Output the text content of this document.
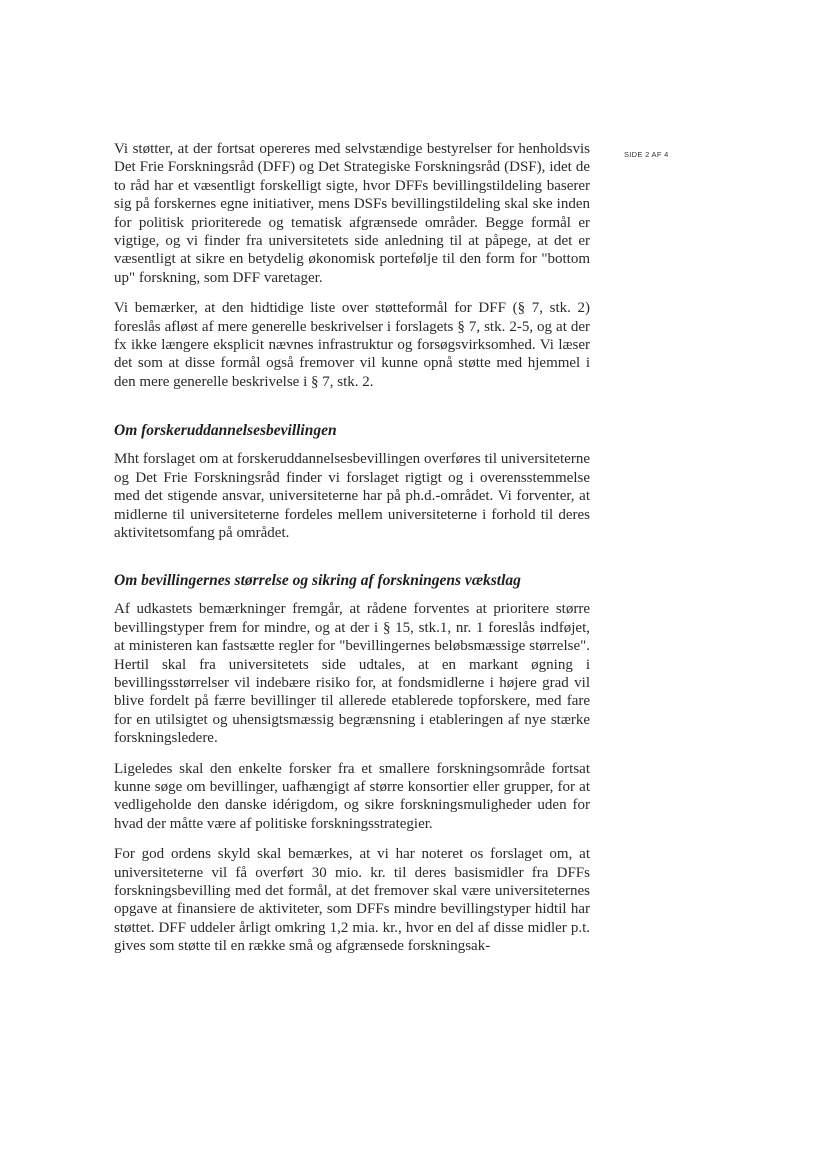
SIDE 2 AF 4

Vi støtter, at der fortsat opereres med selvstændige bestyrelser for henholdsvis Det Frie Forskningsråd (DFF) og Det Strategiske Forskningsråd (DSF), idet de to råd har et væsentligt forskelligt sigte, hvor DFFs bevillingstildeling baserer sig på forskernes egne initiativer, mens DSFs bevillingstildeling skal ske inden for politisk prioriterede og tematisk afgrænsede områder. Begge formål er vigtige, og vi finder fra universitetets side anledning til at påpege, at det er væsentligt at sikre en betydelig økonomisk portefølje til den form for "bottom up" forskning, som DFF varetager.

Vi bemærker, at den hidtidige liste over støtteformål for DFF (§ 7, stk. 2) foreslås afløst af mere generelle beskrivelser i forslagets § 7, stk. 2-5, og at der fx ikke længere eksplicit nævnes infrastruktur og forsøgsvirksomhed. Vi læser det som at disse formål også fremover vil kunne opnå støtte med hjemmel i den mere generelle beskrivelse i § 7, stk. 2.

Om forskeruddannelsesbevillingen

Mht forslaget om at forskeruddannelsesbevillingen overføres til universiteterne og Det Frie Forskningsråd finder vi forslaget rigtigt og i overensstemmelse med det stigende ansvar, universiteterne har på ph.d.-området. Vi forventer, at midlerne til universiteterne fordeles mellem universiteterne i forhold til deres aktivitetsomfang på området.

Om bevillingernes størrelse og sikring af forskningens vækstlag

Af udkastets bemærkninger fremgår, at rådene forventes at prioritere større bevillingstyper frem for mindre, og at der i § 15, stk.1, nr. 1 foreslås indføjet, at ministeren kan fastsætte regler for "bevillingernes beløbsmæssige størrelse". Hertil skal fra universitetets side udtales, at en markant øgning i bevillingsstørrelser vil indebære risiko for, at fondsmidlerne i højere grad vil blive fordelt på færre bevillinger til allerede etablerede topforskere, med fare for en utilsigtet og uhensigtsmæssig begrænsning i etableringen af nye stærke forskningsledere.

Ligeledes skal den enkelte forsker fra et smallere forskningsområde fortsat kunne søge om bevillinger, uafhængigt af større konsortier eller grupper, for at vedligeholde den danske idérigdom, og sikre forskningsmuligheder uden for hvad der måtte være af politiske forskningsstrategier.

For god ordens skyld skal bemærkes, at vi har noteret os forslaget om, at universiteterne vil få overført 30 mio. kr. til deres basismidler fra DFFs forskningsbevilling med det formål, at det fremover skal være universiteternes opgave at finansiere de aktiviteter, som DFFs mindre bevillingstyper hidtil har støttet. DFF uddeler årligt omkring 1,2 mia. kr., hvor en del af disse midler p.t. gives som støtte til en række små og afgrænsede forskningsak-
